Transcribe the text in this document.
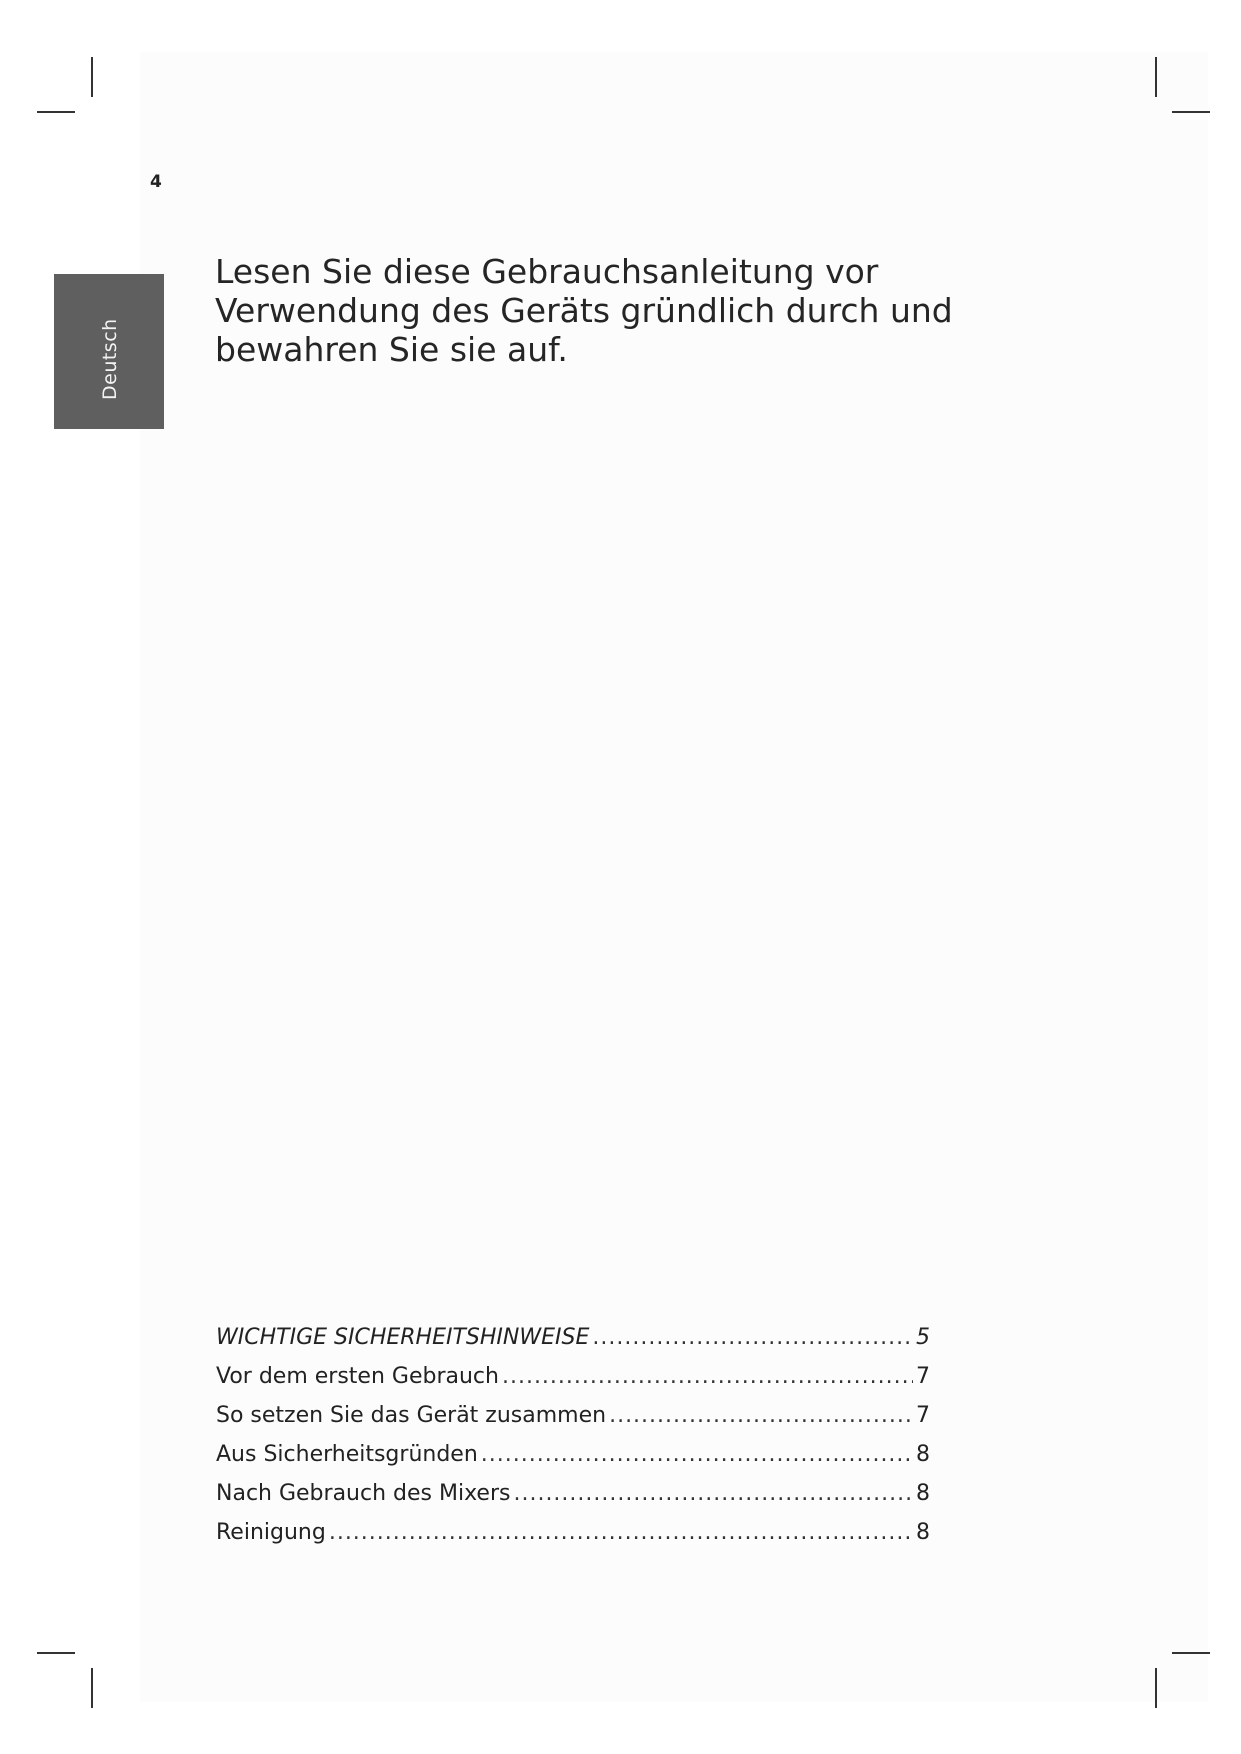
4
Deutsch
Lesen Sie diese Gebrauchsanleitung vor
Verwendung des Geräts gründlich durch und
bewahren Sie sie auf.
WICHTIGE SICHERHEITSHINWEISE .....	5
Vor dem ersten Gebrauch .....	7
So setzen Sie das Gerät zusammen .....	7
Aus Sicherheitsgründen .....	8
Nach Gebrauch des Mixers .....	8
Reinigung .....	8
